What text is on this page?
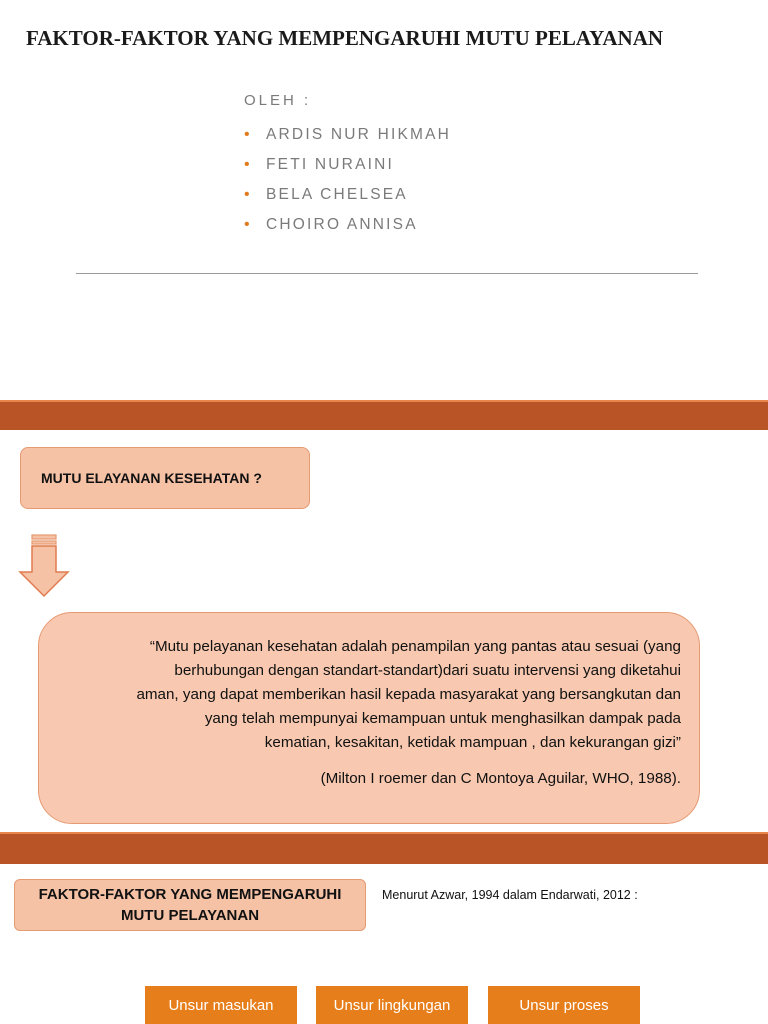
FAKTOR-FAKTOR YANG MEMPENGARUHI MUTU PELAYANAN
OLEH :
•	ARDIS NUR HIKMAH
•	FETI NURAINI
•	BELA CHELSEA
•	CHOIRO ANNISA
MUTU ELAYANAN KESEHATAN ?
“Mutu pelayanan kesehatan adalah penampilan yang pantas atau sesuai (yang
berhubungan dengan standart-standart)dari suatu intervensi yang diketahui
aman, yang dapat memberikan hasil kepada masyarakat yang bersangkutan dan
yang telah mempunyai kemampuan untuk menghasilkan dampak pada
kematian, kesakitan, ketidak mampuan , dan kekurangan gizi”
(Milton I roemer dan C Montoya Aguilar, WHO, 1988).
FAKTOR-FAKTOR YANG MEMPENGARUHI
MUTU PELAYANAN
Menurut Azwar, 1994 dalam Endarwati, 2012 :
Unsur masukan	Unsur lingkungan	Unsur proses
